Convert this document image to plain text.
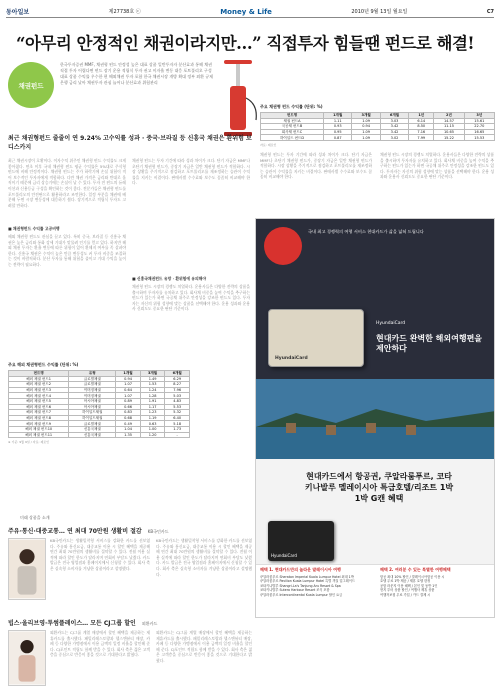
동아일보	제27738호 ⓒ	Money & Life	2010년 9월 13일 월요일	C7
“아무리 안정적인 채권이라지만…” 직접투자 힘들땐 펀드로 해결!
채권펀드
한국투자증권 MMF, 채권형 펀드 안정성 높은 대표 상품 일반투자자 분산효과 통해 채권 직접 투자 어렵다면 펀드 장기 운용 적립식 투자 권고 이자율 변동 대응 포트폴리오 구성 대표 상품 수익률 우수한 편 해외채권 투자 포함 한국 채권시장 개방 확대 정부 외환 규제 은행 금리 낮아 채권투자 관심 늘어나 분산효과 위험관리
주요 채권형 펀드 수익률 (단위: %)
펀드명	1개월	3개월	6개월	1년	2년	3년
채권 펀드A	1.11	1.09	3.03	6.14	14.57	15.61
국공채 펀드B	0.93	0.94	3.42	8.50	11.15	22.70
회사채 펀드C	0.95	1.09	3.42	7.16	10.65	16.65
하이일드 펀드D	0.87	1.09	3.02	7.99	15.22	15.53
자료: 제로인
최근 채권형펀드 줄줄이 연 9.24% 고수익률 성과 · 중국·브라질 등 신흥국 채권은 환위험 보디스카지
최근 채권시장이 호황이다. 이자수익 위주인 채권형 펀드 수익률도 크게 좋아졌다. 연초 이후 국내 채권형 펀드 평균 수익률은 5%대로 주식형 펀드에 비해 안정적이다. 채권형 펀드는 주가 하락기에 손실 위험이 적어 보수적인 투자자에게 적합하다. 다만 채권 가격은 금리와 반대로 움직이기 때문에 금리 상승기에는 손실이 날 수 있다. 투자 전 펀드의 듀레이션과 신용등급 구성을 확인하는 것이 좋다. 전문가들은 채권형 펀드를 포트폴리오의 안전판으로 활용하라고 조언한다. 일정 부분을 채권에 배분해 두면 시장 변동성에 대응하기 쉽다. 장기적으로 적립식 투자도 고려할 만하다.
■ 채권형펀드 수익률 고공비행
해외 채권형 펀드도 관심을 끌고 있다. 특히 중국, 브라질 등 신흥국 채권은 높은 금리와 통화 강세 기대가 맞물려 인기를 얻고 있다. 하지만 해외 채권 투자는 환율 변동에 따른 위험이 있어 환헤지 여부를 꼭 살펴야 한다. 신흥국 채권은 수익이 높은 만큼 변동성도 커 투자 비중을 조절하는 것이 바람직하다. 분산 투자를 통해 위험을 줄이고 기대 수익을 높이는 전략이 필요하다.
채권형 펀드는 투자 기간에 따라 성과 차이가 크다. 단기 자금은 MMF나 초단기 채권형 펀드가, 중장기 자금은 일반 채권형 펀드가 적합하다. 시장 상황을 주기적으로 점검하고 포트폴리오를 재조정하는 습관이 수익률을 지키는 비결이다. 판매사별 수수료와 보수도 꼼꼼히 비교해야 한다.
■ 신흥국채권펀드 유망 · 환위험에 유의해야
채권형 펀드 시장의 경쟁도 치열하다. 운용사들은 다양한 전략의 상품을 출시하며 투자자를 유치하고 있다. 회사채 비중을 높여 수익을 추구하는 펀드가 있는가 하면 국공채 위주로 안정성을 강조한 펀드도 있다. 투자자는 자신의 위험 성향에 맞는 상품을 선택해야 한다. 운용 성과와 운용사 신뢰도도 중요한 판단 기준이다.
채권형 펀드는 투자 기간에 따라 성과 차이가 크다. 단기 자금은 MMF나 초단기 채권형 펀드가, 중장기 자금은 일반 채권형 펀드가 적합하다. 시장 상황을 주기적으로 점검하고 포트폴리오를 재조정하는 습관이 수익률을 지키는 비결이다. 판매사별 수수료와 보수도 꼼꼼히 비교해야 한다.
채권형 펀드 시장의 경쟁도 치열하다. 운용사들은 다양한 전략의 상품을 출시하며 투자자를 유치하고 있다. 회사채 비중을 높여 수익을 추구하는 펀드가 있는가 하면 국공채 위주로 안정성을 강조한 펀드도 있다. 투자자는 자신의 위험 성향에 맞는 상품을 선택해야 한다. 운용 성과와 운용사 신뢰도도 중요한 판단 기준이다.
주요 해외 채권형펀드 수익률 (단위: %)
펀드명	유형	1개월	3개월	6개월
해외 채권 펀드1	글로벌채권	0.94	1.49	6.29
해외 채권 펀드2	글로벌채권	1.07	1.53	8.27
해외 채권 펀드3	이머징채권	0.64	1.24	7.96
해외 채권 펀드4	이머징채권	1.07	1.28	5.03
해외 채권 펀드5	아시아채권	0.89	1.91	4.83
해외 채권 펀드6	아시아채권	0.66	1.17	5.53
해외 채권 펀드7	하이일드채권	0.83	1.23	5.32
해외 채권 펀드8	하이일드채권	0.68	1.19	6.40
해외 채권 펀드9	글로벌채권	0.49	0.63	5.18
해외 채권 펀드10	신흥국채권	1.04	1.00	1.73
해외 채권 펀드11	신흥국채권	1.35	1.20	-
※ 기준: 9월 9일 / 자료: 제로인
미래 상품을 소개
주유·통신·대중교통… 연 최대 70만원 생활비 절감 KB국민카드
KB국민카드는 생활밀착형 서비스를 강화한 카드를 선보였다. 주유와 통신요금, 대중교통 이용 시 할인 혜택을 제공해 연간 최대 70만원의 생활비를 절약할 수 있다. 전월 이용 실적에 따라 할인 한도가 달라지며 연회비 부담도 낮췄다. 카드 발급은 전국 영업점과 홈페이지에서 신청할 수 있다. 회사 측은 실속형 소비자를 겨냥한 상품이라고 설명했다.
KB국민카드는 생활밀착형 서비스를 강화한 카드를 선보였다. 주유와 통신요금, 대중교통 이용 시 할인 혜택을 제공해 연간 최대 70만원의 생활비를 절약할 수 있다. 전월 이용 실적에 따라 할인 한도가 달라지며 연회비 부담도 낮췄다. 카드 발급은 전국 영업점과 홈페이지에서 신청할 수 있다. 회사 측은 실속형 소비자를 겨냥한 상품이라고 설명했다.
빕스·올리브영·투썸플레이스… 모든 CJ그룹 할인 외환카드
외환카드는 CJ그룹 계열 매장에서 할인 혜택을 제공하는 제휴카드를 출시했다. 패밀리레스토랑과 헬스앤뷰티 매장, 카페 등 다양한 가맹점에서 이용 금액의 일정 비율을 할인해 준다. CJ포인트 적립도 함께 받을 수 있다. 회사 측은 젊은 고객층을 중심으로 반응이 좋을 것으로 기대한다고 밝혔다.
외환카드는 CJ그룹 계열 매장에서 할인 혜택을 제공하는 제휴카드를 출시했다. 패밀리레스토랑과 헬스앤뷰티 매장, 카페 등 다양한 가맹점에서 이용 금액의 일정 비율을 할인해 준다. CJ포인트 적립도 함께 받을 수 있다. 회사 측은 젊은 고객층을 중심으로 반응이 좋을 것으로 기대한다고 밝혔다.
국내 최고 경쟁력의 여행 서비스 현대카드가 삶을 넓혀 드립니다
HyundaiCard
HyundaiCard
현대카드 완벽한 해외여행편을 제안하다
현대카드에서 항공권, 쿠알라룸푸르, 코타키나발루 멜레이시아 특급호텔/리조트 1박 1박 G캔 혜택
HyundaiCard
혜택 1. 현대카드만의 놀라운 말레이시아 여행
쿠알라룸푸르 Sheraton Imperial Kuala Lumpur Hotel 최대 1박
쿠알라룸푸르 Pavilion Kuala Lumpur Hotel 특별 객실 업그레이드
코타키나발루 Shangri-La's Tanjung Aru Resort & Spa
코타키나발루 Sutera Harbour Resort 조식 포함
쿠알라룸푸르 Intercontinental Kuala Lumpur 할인 요금
혜택 2. 여러분 수 있는 특별한 여행혜택
항공 최대 10% 할인 / 말레이시아항공 이용 시
호텔 무료 1박 제공 / 제휴 호텔 한정
공항 라운지 이용 혜택 / 본인 및 동반 1인
현지 투어 상품 할인 / 여행사 제휴 상품
여행자보험 무료 가입 / 카드 결제 시
